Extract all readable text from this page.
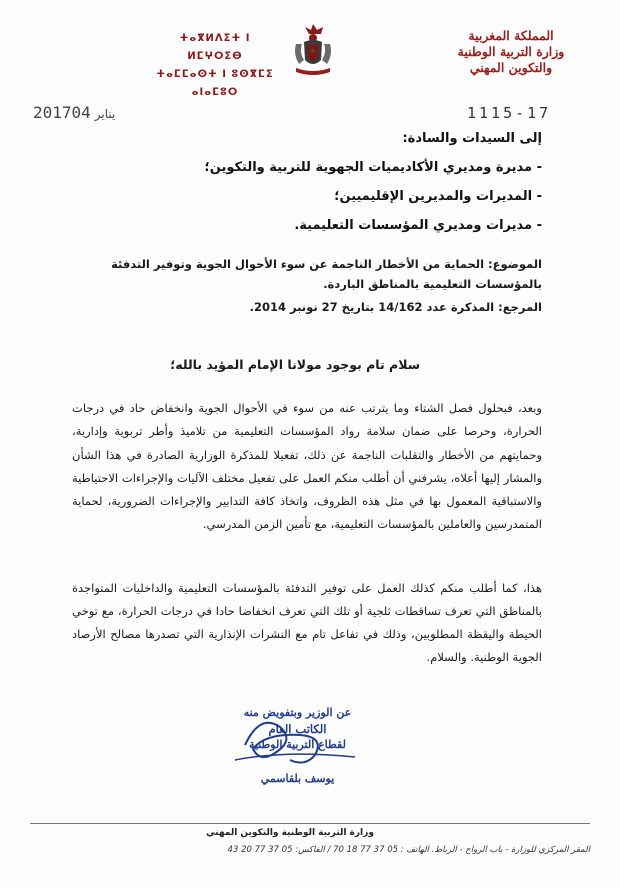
المملكة المغربية
وزارة التربية الوطنية
والتكوين المهني
ⵜⴰⴳⵍⴷⵉⵜ ⵏ ⵍⵎⵖⵔⵉⴱ
ⵜⴰⵎⵎⴰⵙⵜ ⵏ ⵓⵙⴳⵎⵉ ⴰⵏⴰⵎⵓⵔ
2017 يناير04	1115-17
إلى السيدات والسادة:
- مديرة ومديري الأكاديميات الجهوية للتربية والتكوين؛
- المديرات والمديرين الإقليميين؛
- مديرات ومديري المؤسسات التعليمية.
الموضوع: الحماية من الأخطار الناجمة عن سوء الأحوال الجوية وتوفير التدفئة بالمؤسسات التعليمية بالمناطق الباردة.
المرجع: المذكرة عدد 14/162 بتاريخ 27 نونبر 2014.
سلام تام بوجود مولانا الإمام المؤيد بالله؛
وبعد، فبحلول فصل الشتاء وما يترتب عنه من سوء في الأحوال الجوية وانخفاض حاد في درجات الحرارة، وحرصا على ضمان سلامة رواد المؤسسات التعليمية من تلاميذ وأطر تربوية وإدارية، وحمايتهم من الأخطار والتقلبات الناجمة عن ذلك، تفعيلا للمذكرة الوزارية الصادرة في هذا الشأن والمشار إليها أعلاه، يشرفني أن أطلب منكم العمل على تفعيل مختلف الآليات والإجراءات الاحتياطية والاستباقية المعمول بها في مثل هذه الظروف، واتخاذ كافة التدابير والإجراءات الضرورية، لحماية المتمدرسين والعاملين بالمؤسسات التعليمية، مع تأمين الزمن المدرسي.
هذا، كما أطلب منكم كذلك العمل على توفير التدفئة بالمؤسسات التعليمية والداخليات المتواجدة بالمناطق التي تعرف تساقطات ثلجية أو تلك التي تعرف انخفاضا حادا في درجات الحرارة، مع توخي الحيطة واليقظة المطلوبين، وذلك في تفاعل تام مع النشرات الإنذارية التي تصدرها مصالح الأرصاد الجوية الوطنية. والسلام.
عن الوزير وبتفويض منه
الكاتب العام
لقطاع التربية الوطنية
يوسف بلقاسمي
وزارة التربية الوطنية والتكوين المهني
المقر المركزي للوزارة - باب الرواح - الرباط. الهاتف : 05 37 77 18 70 / الفاكس: 05 37 77 20 43
